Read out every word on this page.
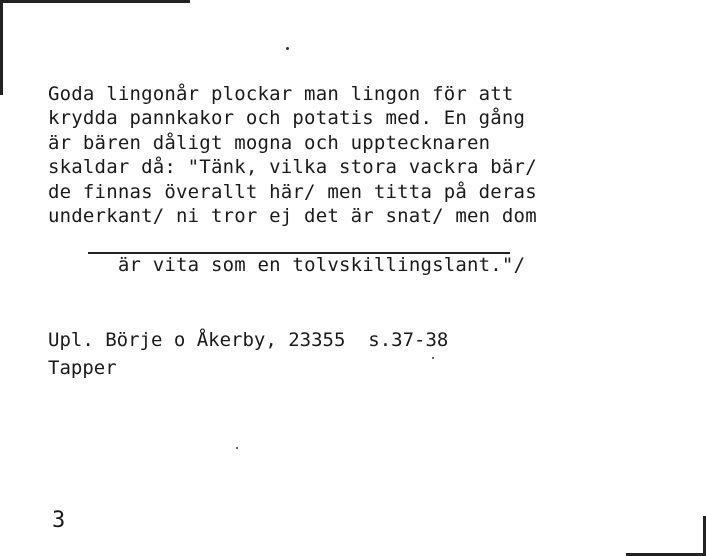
Goda lingonår plockar man lingon för att
krydda pannkakor och potatis med. En gång
är bären dåligt mogna och upptecknaren
skaldar då: "Tänk, vilka stora vackra bär/
de finnas överallt här/ men titta på deras
underkant/ ni tror ej det är snat/ men dom

är vita som en tolvskillingslant."/

Upl. Börje o Åkerby, 23355  s.37-38
Tapper
3
